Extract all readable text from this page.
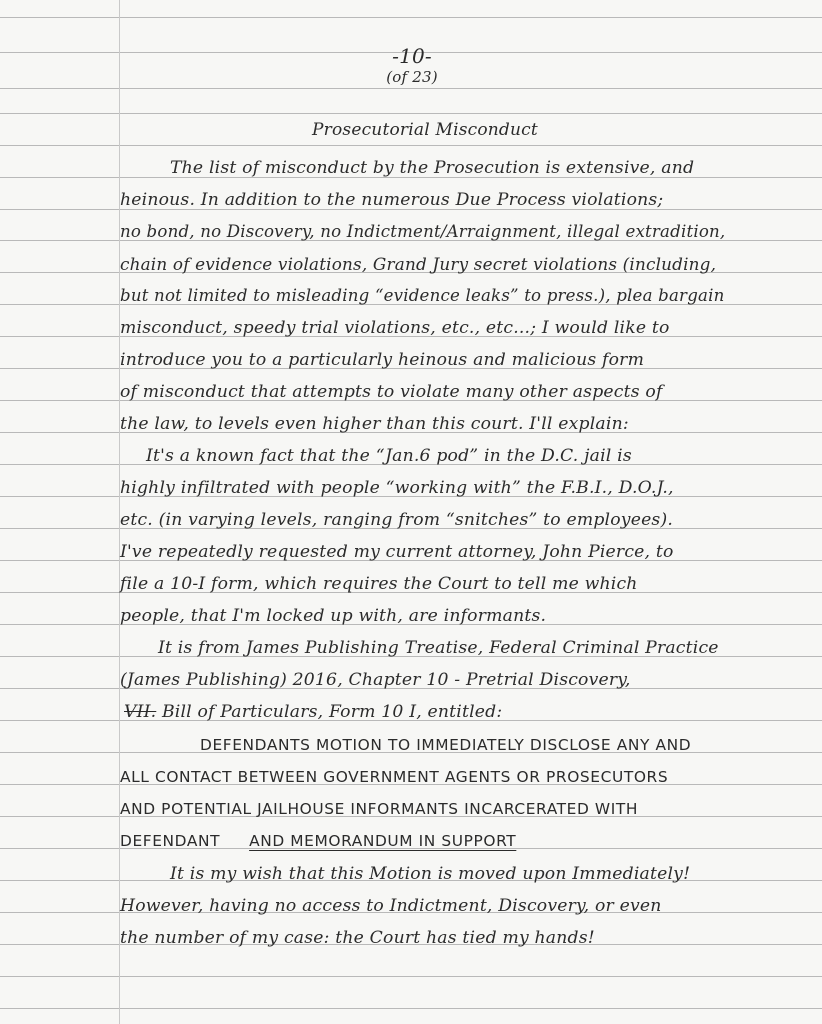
-10-
(of 23)
Prosecutorial Misconduct
The list of misconduct by the Prosecution is extensive, and
heinous. In addition to the numerous Due Process violations;
no bond, no Discovery, no Indictment/Arraignment, illegal extradition,
chain of evidence violations, Grand Jury secret violations (including,
but not limited to misleading “evidence leaks” to press.), plea bargain
misconduct, speedy trial violations, etc., etc...; I would like to
introduce you to a particularly heinous and malicious form
of misconduct that attempts to violate many other aspects of
the law, to levels even higher than this court. I'll explain:
It's a known fact that the “Jan.6 pod” in the D.C. jail is
highly infiltrated with people “working with” the F.B.I., D.O.J.,
etc. (in varying levels, ranging from “snitches” to employees).
I've repeatedly requested my current attorney, John Pierce, to
file a 10-I form, which requires the Court to tell me which
people, that I'm locked up with, are informants.
It is from James Publishing Treatise, Federal Criminal Practice
(James Publishing) 2016, Chapter 10 - Pretrial Discovery,
VII. Bill of Particulars, Form 10 I, entitled:
DEFENDANTS MOTION TO IMMEDIATELY DISCLOSE ANY AND
ALL CONTACT BETWEEN GOVERNMENT AGENTS OR PROSECUTORS
AND POTENTIAL JAILHOUSE INFORMANTS INCARCERATED WITH
DEFENDANT AND MEMORANDUM IN SUPPORT
It is my wish that this Motion is moved upon Immediately!
However, having no access to Indictment, Discovery, or even
the number of my case: the Court has tied my hands!
